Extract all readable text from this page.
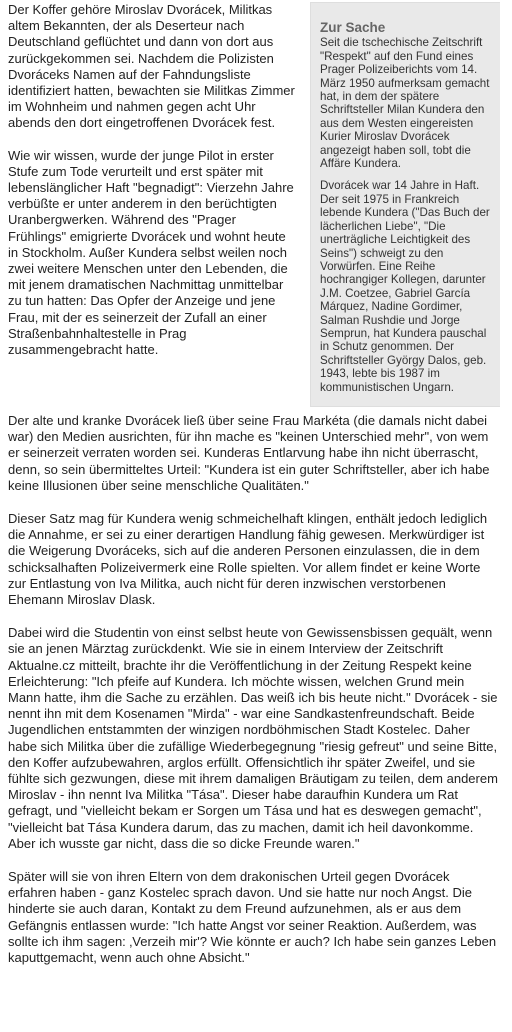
Zur Sache

Seit die tschechische Zeitschrift "Respekt" auf den Fund eines Prager Polizeiberichts vom 14. März 1950 aufmerksam gemacht hat, in dem der spätere Schriftsteller Milan Kundera den aus dem Westen eingereisten Kurier Miroslav Dvorácek angezeigt haben soll, tobt die Affäre Kundera.

Dvorácek war 14 Jahre in Haft. Der seit 1975 in Frankreich lebende Kundera ("Das Buch der lächerlichen Liebe", "Die unerträgliche Leichtigkeit des Seins") schweigt zu den Vorwürfen. Eine Reihe hochrangiger Kollegen, darunter J.M. Coetzee, Gabriel García Márquez, Nadine Gordimer, Salman Rushdie und Jorge Semprun, hat Kundera pauschal in Schutz genommen. Der Schriftsteller György Dalos, geb. 1943, lebte bis 1987 im kommunistischen Ungarn.

Der Koffer gehöre Miroslav Dvorácek, Militkas altem Bekannten, der als Deserteur nach Deutschland geflüchtet und dann von dort aus zurückgekommen sei. Nachdem die Polizisten Dvoráceks Namen auf der Fahndungsliste identifiziert hatten, bewachten sie Militkas Zimmer im Wohnheim und nahmen gegen acht Uhr abends den dort eingetroffenen Dvorácek fest.

Wie wir wissen, wurde der junge Pilot in erster Stufe zum Tode verurteilt und erst später mit lebenslänglicher Haft "begnadigt": Vierzehn Jahre verbüßte er unter anderem in den berüchtigten Uranbergwerken. Während des "Prager Frühlings" emigrierte Dvorácek und wohnt heute in Stockholm. Außer Kundera selbst weilen noch zwei weitere Menschen unter den Lebenden, die mit jenem dramatischen Nachmittag unmittelbar zu tun hatten: Das Opfer der Anzeige und jene Frau, mit der es seinerzeit der Zufall an einer Straßenbahnhaltestelle in Prag zusammengebracht hatte.

Der alte und kranke Dvorácek ließ über seine Frau Markéta (die damals nicht dabei war) den Medien ausrichten, für ihn mache es "keinen Unterschied mehr", von wem er seinerzeit verraten worden sei. Kunderas Entlarvung habe ihn nicht überrascht, denn, so sein übermitteltes Urteil: "Kundera ist ein guter Schriftsteller, aber ich habe keine Illusionen über seine menschliche Qualitäten."

Dieser Satz mag für Kundera wenig schmeichelhaft klingen, enthält jedoch lediglich die Annahme, er sei zu einer derartigen Handlung fähig gewesen. Merkwürdiger ist die Weigerung Dvoráceks, sich auf die anderen Personen einzulassen, die in dem schicksalhaften Polizeivermerk eine Rolle spielten. Vor allem findet er keine Worte zur Entlastung von Iva Militka, auch nicht für deren inzwischen verstorbenen Ehemann Miroslav Dlask.

Dabei wird die Studentin von einst selbst heute von Gewissensbissen gequält, wenn sie an jenen Märztag zurückdenkt. Wie sie in einem Interview der Zeitschrift Aktualne.cz mitteilt, brachte ihr die Veröffentlichung in der Zeitung Respekt keine Erleichterung: "Ich pfeife auf Kundera. Ich möchte wissen, welchen Grund mein Mann hatte, ihm die Sache zu erzählen. Das weiß ich bis heute nicht." Dvorácek - sie nennt ihn mit dem Kosenamen "Mirda" - war eine Sandkastenfreundschaft. Beide Jugendlichen entstammten der winzigen nordböhmischen Stadt Kostelec. Daher habe sich Militka über die zufällige Wiederbegegnung "riesig gefreut" und seine Bitte, den Koffer aufzubewahren, arglos erfüllt. Offensichtlich ihr später Zweifel, und sie fühlte sich gezwungen, diese mit ihrem damaligen Bräutigam zu teilen, dem anderem Miroslav - ihn nennt Iva Militka "Tása". Dieser habe daraufhin Kundera um Rat gefragt, und "vielleicht bekam er Sorgen um Tása und hat es deswegen gemacht", "vielleicht bat Tása Kundera darum, das zu machen, damit ich heil davonkomme. Aber ich wusste gar nicht, dass die so dicke Freunde waren."

Später will sie von ihren Eltern von dem drakonischen Urteil gegen Dvorácek erfahren haben - ganz Kostelec sprach davon. Und sie hatte nur noch Angst. Die hinderte sie auch daran, Kontakt zu dem Freund aufzunehmen, als er aus dem Gefängnis entlassen wurde: "Ich hatte Angst vor seiner Reaktion. Außerdem, was sollte ich ihm sagen: ‚Verzeih mir'? Wie könnte er auch? Ich habe sein ganzes Leben kaputtgemacht, wenn auch ohne Absicht."
